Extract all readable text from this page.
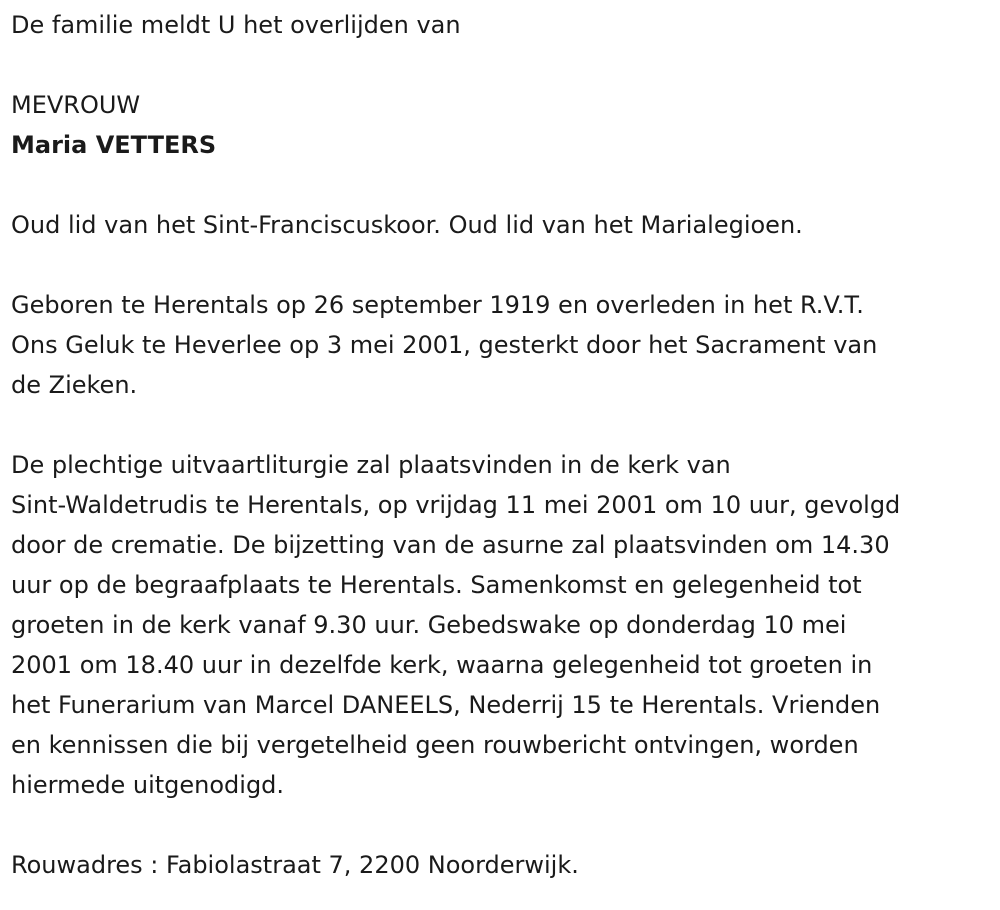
De familie meldt U het overlijden van
MEVROUW
Maria VETTERS
Oud lid van het Sint-Franciscuskoor. Oud lid van het Marialegioen.
Geboren te Herentals op 26 september 1919 en overleden in het R.V.T.
Ons Geluk te Heverlee op 3 mei 2001, gesterkt door het Sacrament van
de Zieken.
De plechtige uitvaartliturgie zal plaatsvinden in de kerk van
Sint-Waldetrudis te Herentals, op vrijdag 11 mei 2001 om 10 uur, gevolgd
door de crematie. De bijzetting van de asurne zal plaatsvinden om 14.30
uur op de begraafplaats te Herentals. Samenkomst en gelegenheid tot
groeten in de kerk vanaf 9.30 uur. Gebedswake op donderdag 10 mei
2001 om 18.40 uur in dezelfde kerk, waarna gelegenheid tot groeten in
het Funerarium van Marcel DANEELS, Nederrij 15 te Herentals. Vrienden
en kennissen die bij vergetelheid geen rouwbericht ontvingen, worden
hiermede uitgenodigd.
Rouwadres : Fabiolastraat 7, 2200 Noorderwijk.
